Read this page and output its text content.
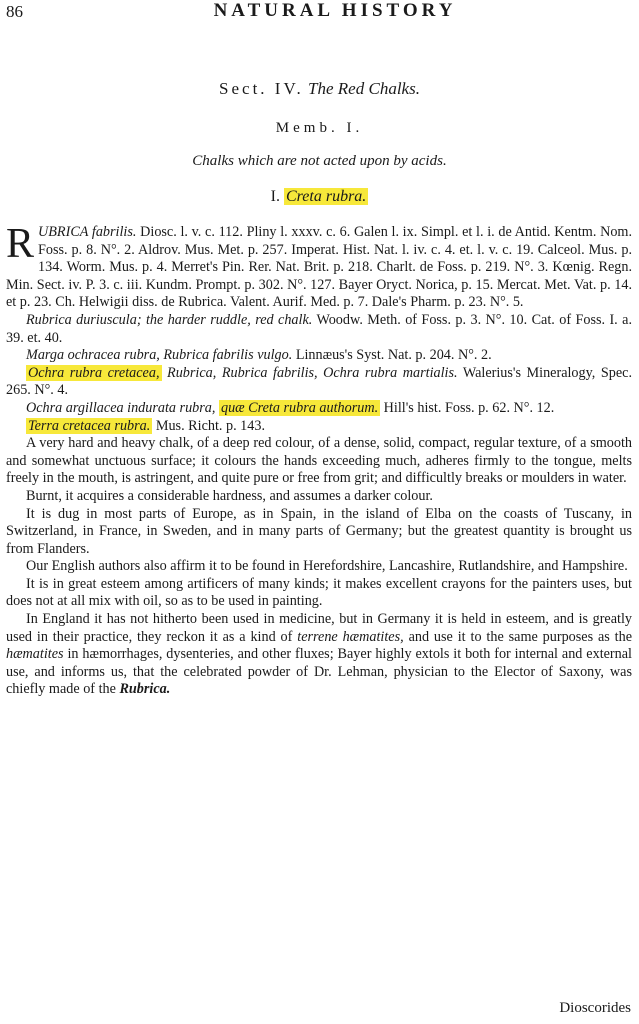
86	NATURAL HISTORY
Sect. IV. The Red Chalks.
Memb. I.
Chalks which are not acted upon by acids.
I. Creta rubra.

RUBRICA fabrilis. Diosc. l. v. c. 112. Pliny l. xxxv. c. 6. Galen l. ix. Simpl. et l. i. de Antid. Kentm. Nom. Foss. p. 8. N°. 2. Aldrov. Mus. Met. p. 257. Imperat. Hist. Nat. l. iv. c. 4. et. l. v. c. 19. Calceol. Mus. p. 134. Worm. Mus. p. 4. Merret's Pin. Rer. Nat. Brit. p. 218. Charlt. de Foss. p. 219. N°. 3. Kœnig. Regn. Min. Sect. iv. P. 3. c. iii. Kundm. Prompt. p. 302. N°. 127. Bayer Oryct. Norica, p. 15. Mercat. Met. Vat. p. 14. et p. 23. Ch. Helwigii diss. de Rubrica. Valent. Aurif. Med. p. 7. Dale's Pharm. p. 23. N°. 5.

Rubrica duriuscula; the harder ruddle, red chalk. Woodw. Meth. of Foss. p. 3. N°. 10. Cat. of Foss. I. a. 39. et. 40.

Marga ochracea rubra, Rubrica fabrilis vulgo. Linnæus's Syst. Nat. p. 204. N°. 2.

Ochra rubra cretacea, Rubrica, Rubrica fabrilis, Ochra rubra martialis. Walerius's Mineralogy, Spec. 265. N°. 4.

Ochra argillacea indurata rubra, quæ Creta rubra authorum. Hill's hist. Foss. p. 62. N°. 12.

Terra cretacea rubra. Mus. Richt. p. 143.

A very hard and heavy chalk, of a deep red colour, of a dense, solid, compact, regular texture, of a smooth and somewhat unctuous surface; it colours the hands exceeding much, adheres firmly to the tongue, melts freely in the mouth, is astringent, and quite pure or free from grit; and difficultly breaks or moulders in water.

Burnt, it acquires a considerable hardness, and assumes a darker colour.

It is dug in most parts of Europe, as in Spain, in the island of Elba on the coasts of Tuscany, in Switzerland, in France, in Sweden, and in many parts of Germany; but the greatest quantity is brought us from Flanders.

Our English authors also affirm it to be found in Herefordshire, Lancashire, Rutlandshire, and Hampshire.

It is in great esteem among artificers of many kinds; it makes excellent crayons for the painters uses, but does not at all mix with oil, so as to be used in painting.

In England it has not hitherto been used in medicine, but in Germany it is held in esteem, and is greatly used in their practice, they reckon it as a kind of terrene hæmatites, and use it to the same purposes as the hæmatites in hæmorrhages, dysenteries, and other fluxes; Bayer highly extols it both for internal and external use, and informs us, that the celebrated powder of Dr. Lehman, physician to the Elector of Saxony, was chiefly made of the Rubrica.

Dioscorides
